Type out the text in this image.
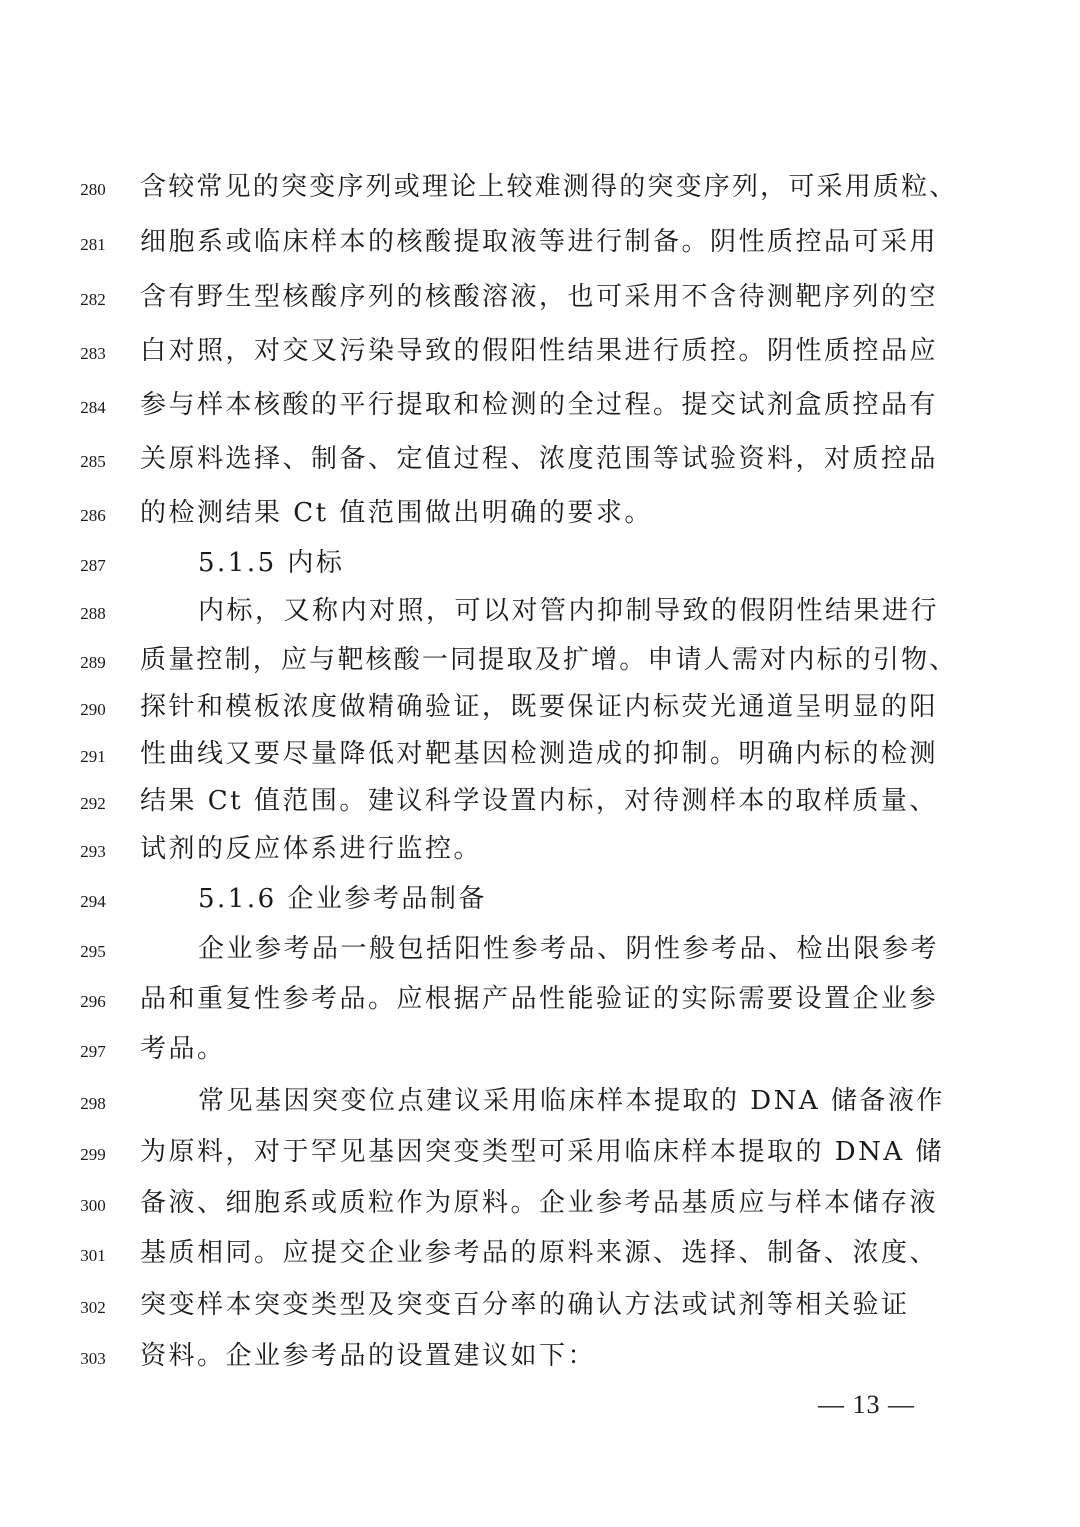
280	含较常见的突变序列或理论上较难测得的突变序列，可采用质粒、
281	细胞系或临床样本的核酸提取液等进行制备。阴性质控品可采用
282	含有野生型核酸序列的核酸溶液，也可采用不含待测靶序列的空
283	白对照，对交叉污染导致的假阳性结果进行质控。阴性质控品应
284	参与样本核酸的平行提取和检测的全过程。提交试剂盒质控品有
285	关原料选择、制备、定值过程、浓度范围等试验资料，对质控品
286	的检测结果 Ct 值范围做出明确的要求。
287	5.1.5 内标
288	内标，又称内对照，可以对管内抑制导致的假阴性结果进行
289	质量控制，应与靶核酸一同提取及扩增。申请人需对内标的引物、
290	探针和模板浓度做精确验证，既要保证内标荧光通道呈明显的阳
291	性曲线又要尽量降低对靶基因检测造成的抑制。明确内标的检测
292	结果 Ct 值范围。建议科学设置内标，对待测样本的取样质量、
293	试剂的反应体系进行监控。
294	5.1.6 企业参考品制备
295	企业参考品一般包括阳性参考品、阴性参考品、检出限参考
296	品和重复性参考品。应根据产品性能验证的实际需要设置企业参
297	考品。
298	常见基因突变位点建议采用临床样本提取的 DNA 储备液作
299	为原料，对于罕见基因突变类型可采用临床样本提取的 DNA 储
300	备液、细胞系或质粒作为原料。企业参考品基质应与样本储存液
301	基质相同。应提交企业参考品的原料来源、选择、制备、浓度、
302	突变样本突变类型及突变百分率的确认方法或试剂等相关验证
303	资料。企业参考品的设置建议如下：
— 13 —
